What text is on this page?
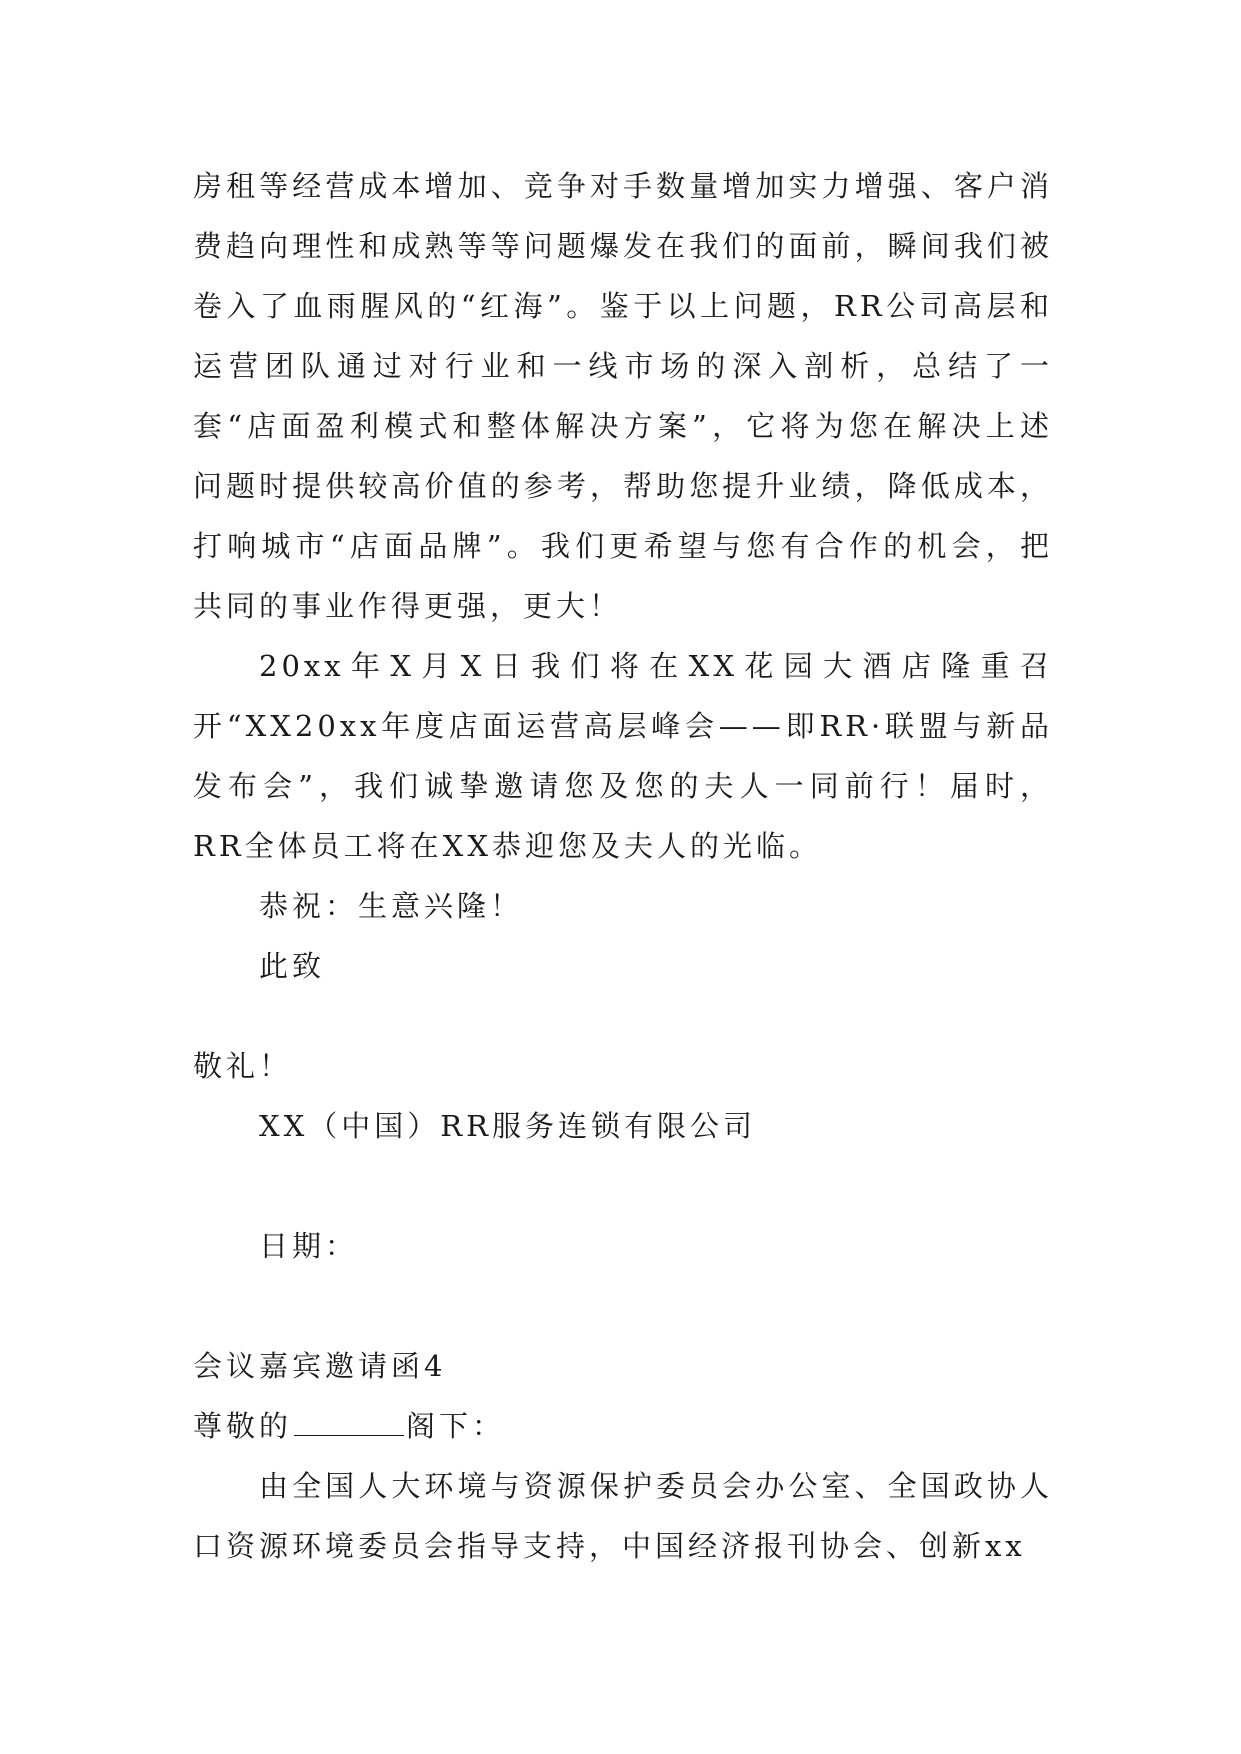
房租等经营成本增加、竞争对手数量增加实力增强、客户消费趋向理性和成熟等等问题爆发在我们的面前，瞬间我们被卷入了血雨腥风的“红海”。鉴于以上问题，RR公司高层和运营团队通过对行业和一线市场的深入剖析，总结了一套“店面盈利模式和整体解决方案”，它将为您在解决上述问题时提供较高价值的参考，帮助您提升业绩，降低成本，打响城市“店面品牌”。我们更希望与您有合作的机会，把共同的事业作得更强，更大！

20xx年X月X日我们将在XX花园大酒店隆重召开“XX20xx年度店面运营高层峰会——即RR·联盟与新品发布会”，我们诚挚邀请您及您的夫人一同前行！届时，RR全体员工将在XX恭迎您及夫人的光临。

恭祝：生意兴隆！

此致

敬礼！

XX（中国）RR服务连锁有限公司

日期：

会议嘉宾邀请函4

尊敬的	阁下：

由全国人大环境与资源保护委员会办公室、全国政协人口资源环境委员会指导支持，中国经济报刊协会、创新xx
